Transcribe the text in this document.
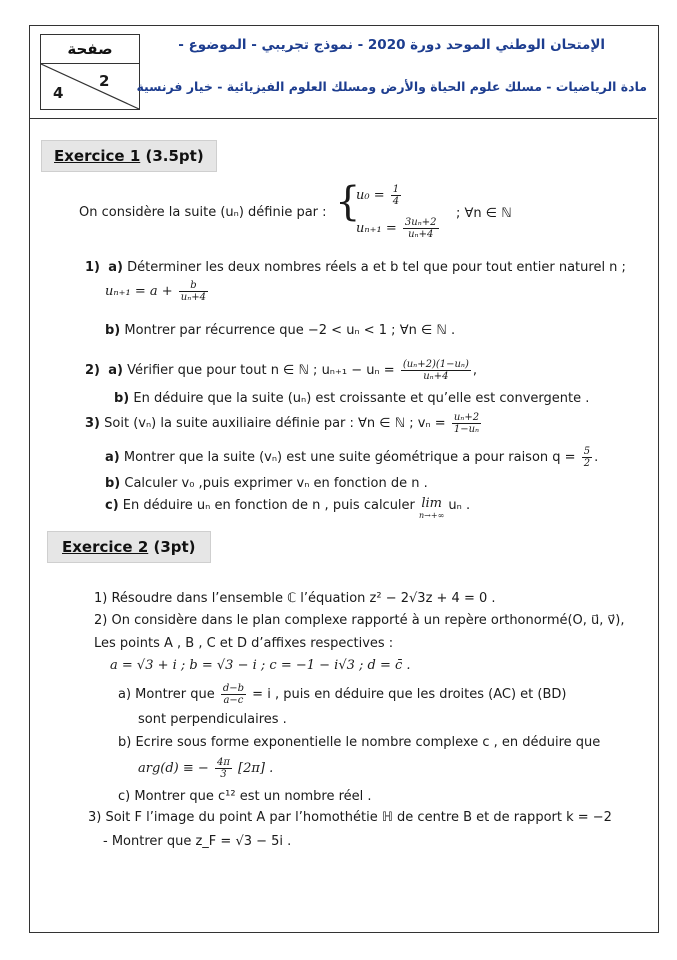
صفحة
4
2
الإمتحان الوطني الموحد دورة 2020 - نموذج تجريبي - الموضوع -
مادة الرياضيات - مسلك علوم الحياة والأرض ومسلك العلوم الفيزيائية - خيار فرنسية
Exercice 1 (3.5pt)
On considère la suite (uₙ) définie par : {
$u_0 = \frac{1}{4}$
$u_{n+1} = \frac{\text{3uₙ+2}}{\text{uₙ+4}}$
; ∀n ∈ ℕ
1) a) Déterminer les deux nombres réels a et b tel que pour tout entier naturel n ;
$u_{n+1} = a + \frac{b}{\text{uₙ+4}}$
b) Montrer par récurrence que −2 < uₙ < 1 ; ∀n ∈ ℕ .
2) a) Vérifier que pour tout n ∈ ℕ ; $u_{n+1} - u_n = \frac{\text{(uₙ+2)(1−uₙ)}}{\text{uₙ+4}}$ ,
b) En déduire que la suite (uₙ) est croissante et qu’elle est convergente .
3) Soit (vₙ) la suite auxiliaire définie par : ∀n ∈ ℕ ; $v_n = \frac{\text{uₙ+2}}{\text{1−uₙ}}$
a) Montrer que la suite (vₙ) est une suite géométrique a pour raison $q = \frac{5}{2}$ .
b) Calculer v₀ ,puis exprimer vₙ en fonction de n .
c) En déduire uₙ en fonction de n , puis calculer lim
n→+∞
uₙ .
Exercice 2 (3pt)
1) Résoudre dans l’ensemble ℂ l’équation z² − 2√3z + 4 = 0 .
2) On considère dans le plan complexe rapporté à un repère orthonormé(O, u⃗, v⃗),
Les points A , B , C et D d’affixes respectives :
a = √3 + i ; b = √3 − i ; c = −1 − i√3 ; d = c̄ .
a) Montrer que $\frac{d-b}{a-c} = i$ , puis en déduire que les droites (AC) et (BD)
sont perpendiculaires .
b) Ecrire sous forme exponentielle le nombre complexe c , en déduire que
arg(d) ≡ − $\frac{4\pi}{3} [2\pi]$ .
c) Montrer que c¹² est un nombre réel .
3) Soit F l’image du point A par l’homothétie ℍ de centre B et de rapport k = −2
- Montrer que z_F = √3 − 5i .
